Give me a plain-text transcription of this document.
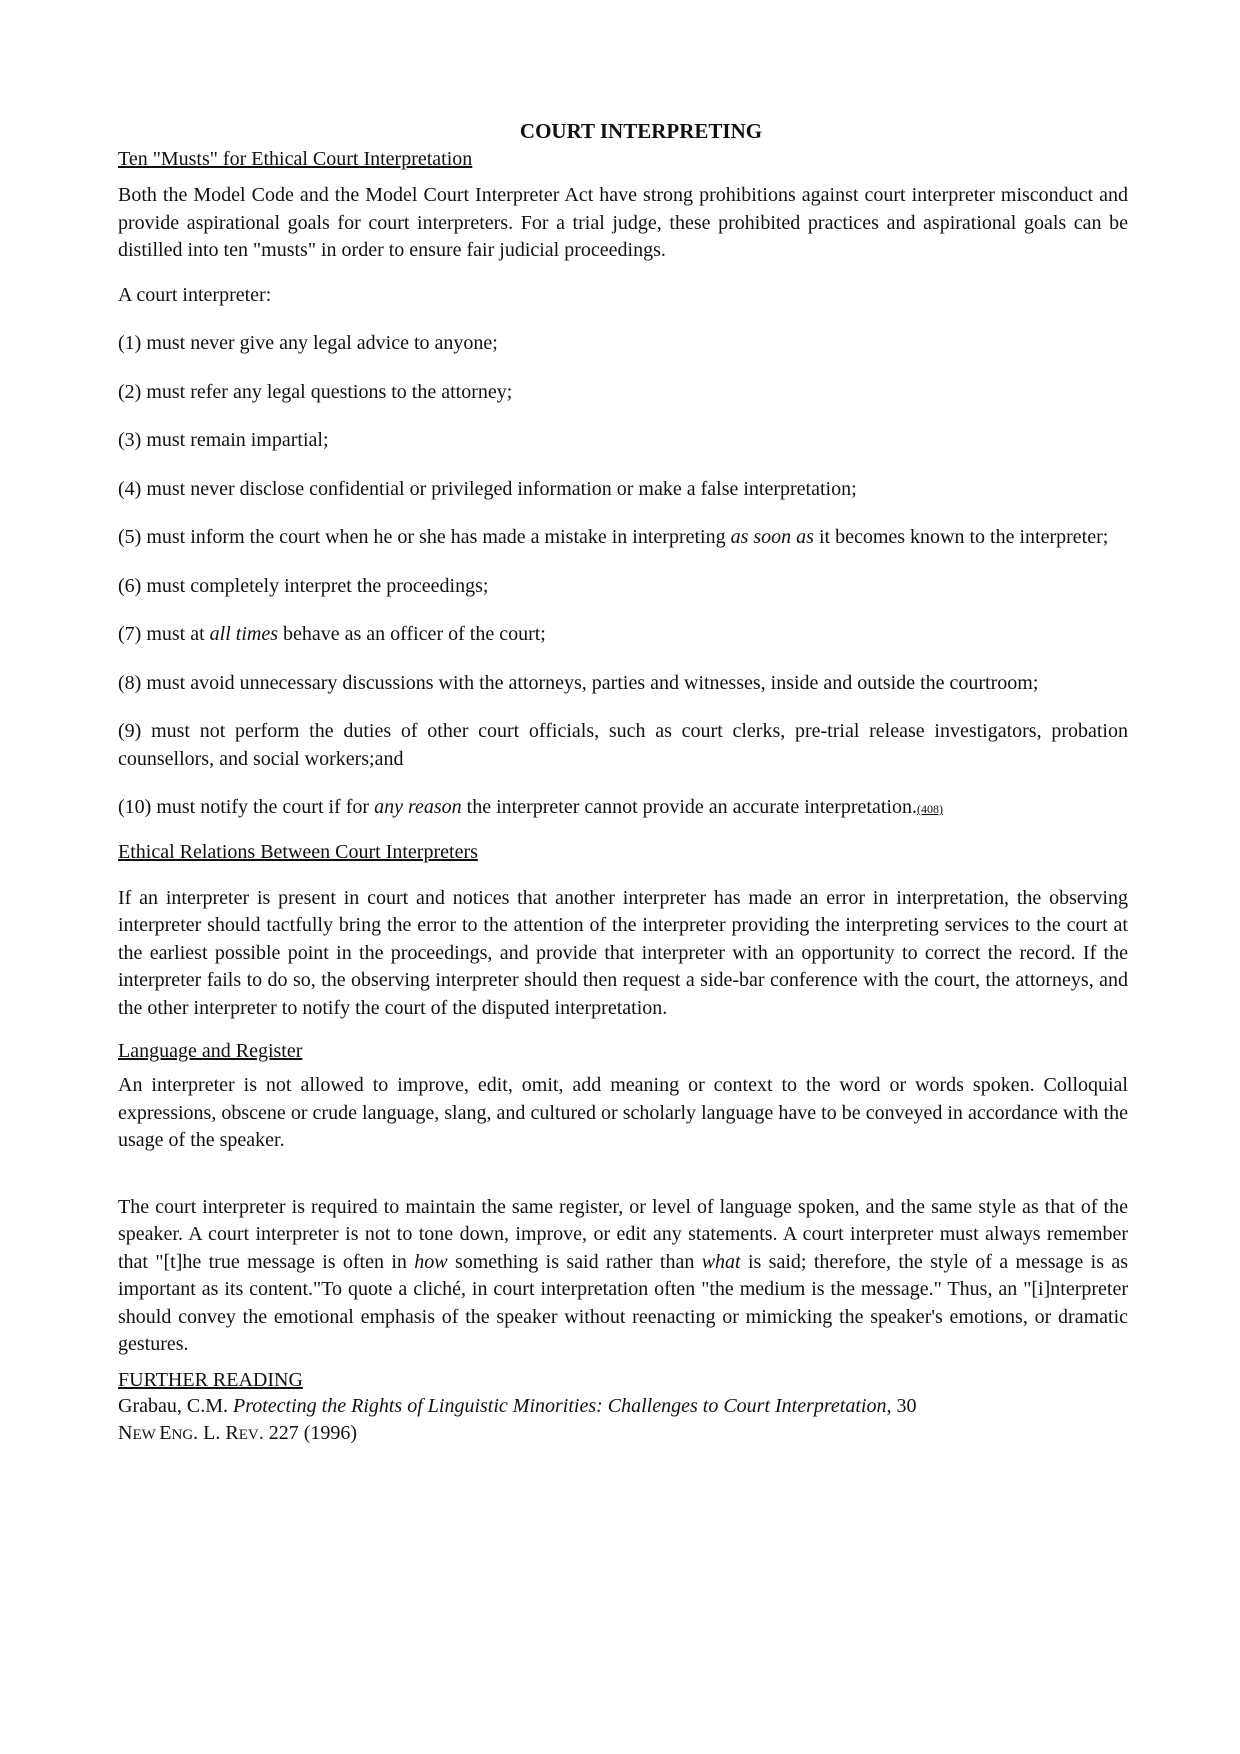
COURT INTERPRETING
Ten "Musts" for Ethical Court Interpretation

Both the Model Code and the Model Court Interpreter Act have strong prohibitions against court interpreter misconduct and provide aspirational goals for court interpreters. For a trial judge, these prohibited practices and aspirational goals can be distilled into ten "musts" in order to ensure fair judicial proceedings.

A court interpreter:

(1) must never give any legal advice to anyone;

(2) must refer any legal questions to the attorney;

(3) must remain impartial;

(4) must never disclose confidential or privileged information or make a false interpretation;

(5) must inform the court when he or she has made a mistake in interpreting as soon as it becomes known to the interpreter;

(6) must completely interpret the proceedings;

(7) must at all times behave as an officer of the court;

(8) must avoid unnecessary discussions with the attorneys, parties and witnesses, inside and outside the courtroom;

(9) must not perform the duties of other court officials, such as court clerks, pre-trial release investigators, probation counsellors, and social workers;and

(10) must notify the court if for any reason the interpreter cannot provide an accurate interpretation.(408)

Ethical Relations Between Court Interpreters

If an interpreter is present in court and notices that another interpreter has made an error in interpretation, the observing interpreter should tactfully bring the error to the attention of the interpreter providing the interpreting services to the court at the earliest possible point in the proceedings, and provide that interpreter with an opportunity to correct the record. If the interpreter fails to do so, the observing interpreter should then request a side-bar conference with the court, the attorneys, and the other interpreter to notify the court of the disputed interpretation.

Language and Register

An interpreter is not allowed to improve, edit, omit, add meaning or context to the word or words spoken. Colloquial expressions, obscene or crude language, slang, and cultured or scholarly language have to be conveyed in accordance with the usage of the speaker.

The court interpreter is required to maintain the same register, or level of language spoken, and the same style as that of the speaker. A court interpreter is not to tone down, improve, or edit any statements. A court interpreter must always remember that "[t]he true message is often in how something is said rather than what is said; therefore, the style of a message is as important as its content."To quote a cliché, in court interpretation often "the medium is the message." Thus, an "[i]nterpreter should convey the emotional emphasis of the speaker without reenacting or mimicking the speaker's emotions, or dramatic gestures.

FURTHER READING

Grabau, C.M. Protecting the Rights of Linguistic Minorities: Challenges to Court Interpretation, 30
NEW ENG. L. REV. 227 (1996)
